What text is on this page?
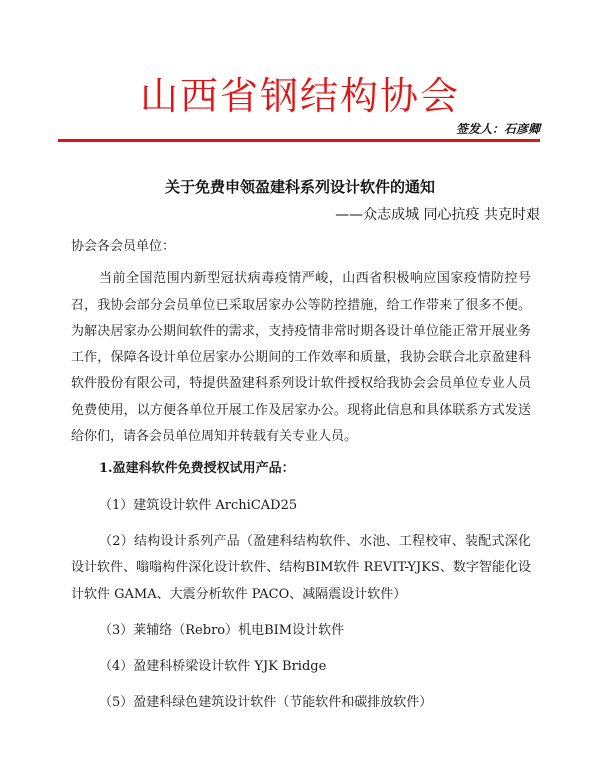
山西省钢结构协会
签发人：石彦卿
关于免费申领盈建科系列设计软件的通知
——众志成城 同心抗疫 共克时艰

协会各会员单位：

当前全国范围内新型冠状病毒疫情严峻，山西省积极响应国家疫情防控号召，我协会部分会员单位已采取居家办公等防控措施，给工作带来了很多不便。为解决居家办公期间软件的需求，支持疫情非常时期各设计单位能正常开展业务工作，保障各设计单位居家办公期间的工作效率和质量，我协会联合北京盈建科软件股份有限公司，特提供盈建科系列设计软件授权给我协会会员单位专业人员免费使用，以方便各单位开展工作及居家办公。现将此信息和具体联系方式发送给你们，请各会员单位周知并转载有关专业人员。

1.盈建科软件免费授权试用产品：

（1）建筑设计软件 ArchiCAD25

（2）结构设计系列产品（盈建科结构软件、水池、工程校审、装配式深化设计软件、嗡嗡构件深化设计软件、结构BIM软件 REVIT-YJKS、数字智能化设计软件 GAMA、大震分析软件 PACO、减隔震设计软件）

（3）莱辅络（Rebro）机电BIM设计软件

（4）盈建科桥梁设计软件 YJK Bridge

（5）盈建科绿色建筑设计软件（节能软件和碳排放软件）
